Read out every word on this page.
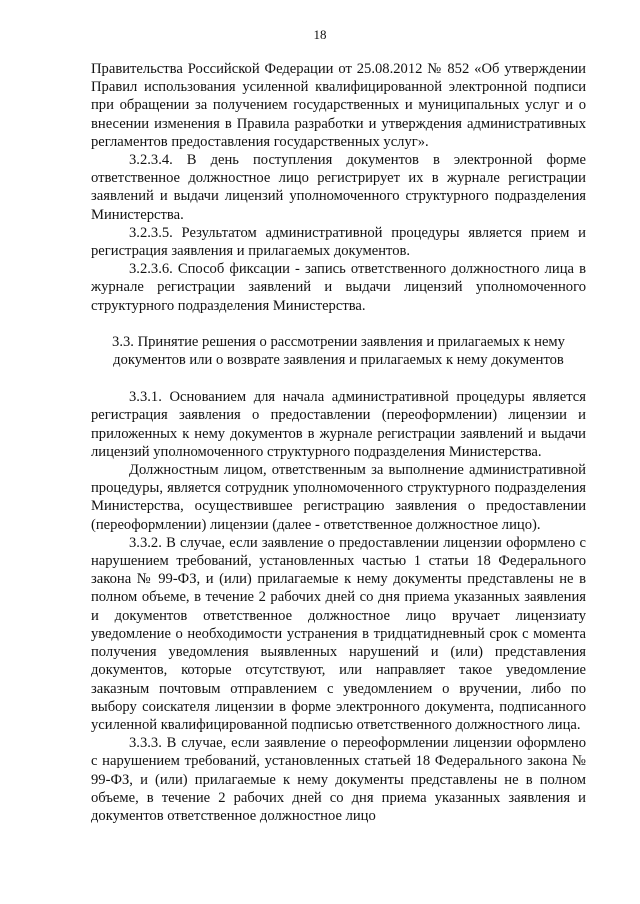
18

Правительства Российской Федерации от 25.08.2012 № 852 «Об утверждении Правил использования усиленной квалифицированной электронной подписи при обращении за получением государственных и муниципальных услуг и о внесении изменения в Правила разработки и утверждения административных регламентов предоставления государственных услуг».

3.2.3.4. В день поступления документов в электронной форме ответственное должностное лицо регистрирует их в журнале регистрации заявлений и выдачи лицензий уполномоченного структурного подразделения Министерства.

3.2.3.5. Результатом административной процедуры является прием и регистрация заявления и прилагаемых документов.

3.2.3.6. Способ фиксации - запись ответственного должностного лица в журнале регистрации заявлений и выдачи лицензий уполномоченного структурного подразделения Министерства.

3.3. Принятие решения о рассмотрении заявления и прилагаемых к нему документов или о возврате заявления и прилагаемых к нему документов

3.3.1. Основанием для начала административной процедуры является регистрация заявления о предоставлении (переоформлении) лицензии и приложенных к нему документов в журнале регистрации заявлений и выдачи лицензий уполномоченного структурного подразделения Министерства.

Должностным лицом, ответственным за выполнение административной процедуры, является сотрудник уполномоченного структурного подразделения Министерства, осуществившее регистрацию заявления о предоставлении (переоформлении) лицензии (далее - ответственное должностное лицо).

3.3.2. В случае, если заявление о предоставлении лицензии оформлено с нарушением требований, установленных частью 1 статьи 18 Федерального закона № 99-ФЗ, и (или) прилагаемые к нему документы представлены не в полном объеме, в течение 2 рабочих дней со дня приема указанных заявления и документов ответственное должностное лицо вручает лицензиату уведомление о необходимости устранения в тридцатидневный срок с момента получения уведомления выявленных нарушений и (или) представления документов, которые отсутствуют, или направляет такое уведомление заказным почтовым отправлением с уведомлением о вручении, либо по выбору соискателя лицензии в форме электронного документа, подписанного усиленной квалифицированной подписью ответственного должностного лица.

3.3.3. В случае, если заявление о переоформлении лицензии оформлено с нарушением требований, установленных статьей 18 Федерального закона № 99-ФЗ, и (или) прилагаемые к нему документы представлены не в полном объеме, в течение 2 рабочих дней со дня приема указанных заявления и документов ответственное должностное лицо
